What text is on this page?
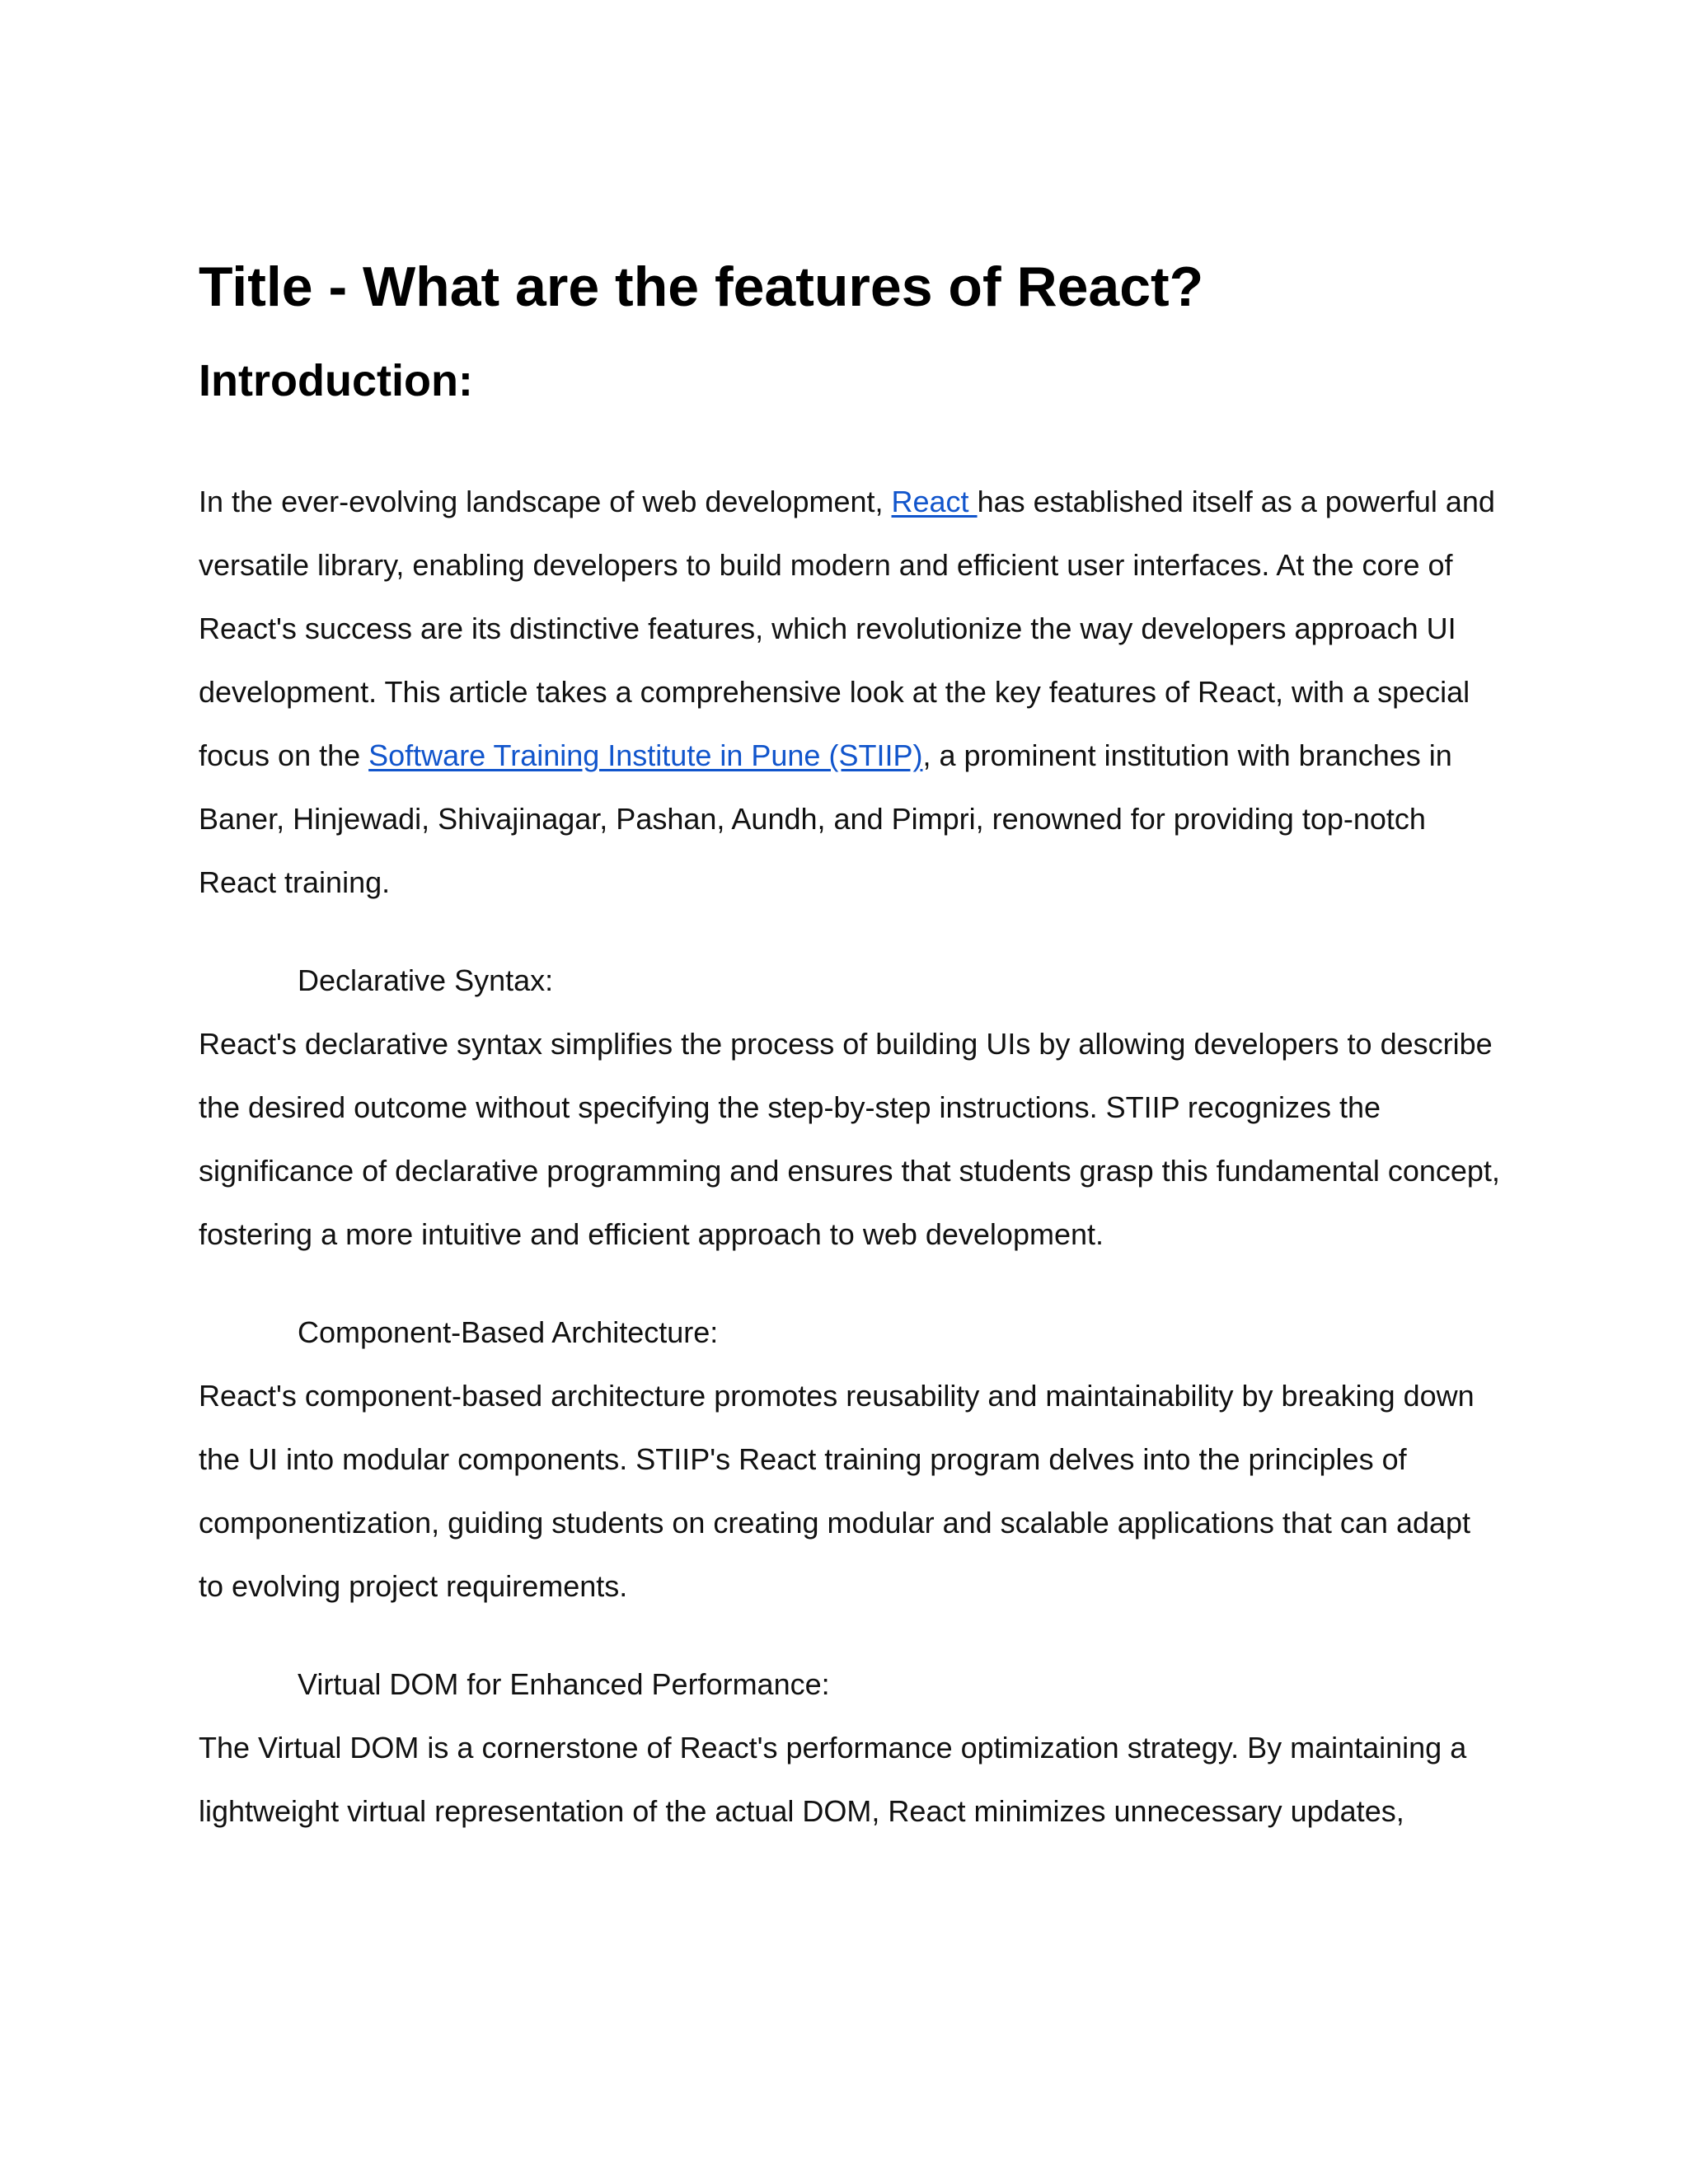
Title - What are the features of React?
Introduction:

In the ever-evolving landscape of web development, React has established itself as a powerful and versatile library, enabling developers to build modern and efficient user interfaces. At the core of React's success are its distinctive features, which revolutionize the way developers approach UI development. This article takes a comprehensive look at the key features of React, with a special focus on the Software Training Institute in Pune (STIIP), a prominent institution with branches in Baner, Hinjewadi, Shivajinagar, Pashan, Aundh, and Pimpri, renowned for providing top-notch React training.

Declarative Syntax:

React's declarative syntax simplifies the process of building UIs by allowing developers to describe the desired outcome without specifying the step-by-step instructions. STIIP recognizes the significance of declarative programming and ensures that students grasp this fundamental concept, fostering a more intuitive and efficient approach to web development.

Component-Based Architecture:

React's component-based architecture promotes reusability and maintainability by breaking down the UI into modular components. STIIP's React training program delves into the principles of componentization, guiding students on creating modular and scalable applications that can adapt to evolving project requirements.

Virtual DOM for Enhanced Performance:

The Virtual DOM is a cornerstone of React's performance optimization strategy. By maintaining a lightweight virtual representation of the actual DOM, React minimizes unnecessary updates,
